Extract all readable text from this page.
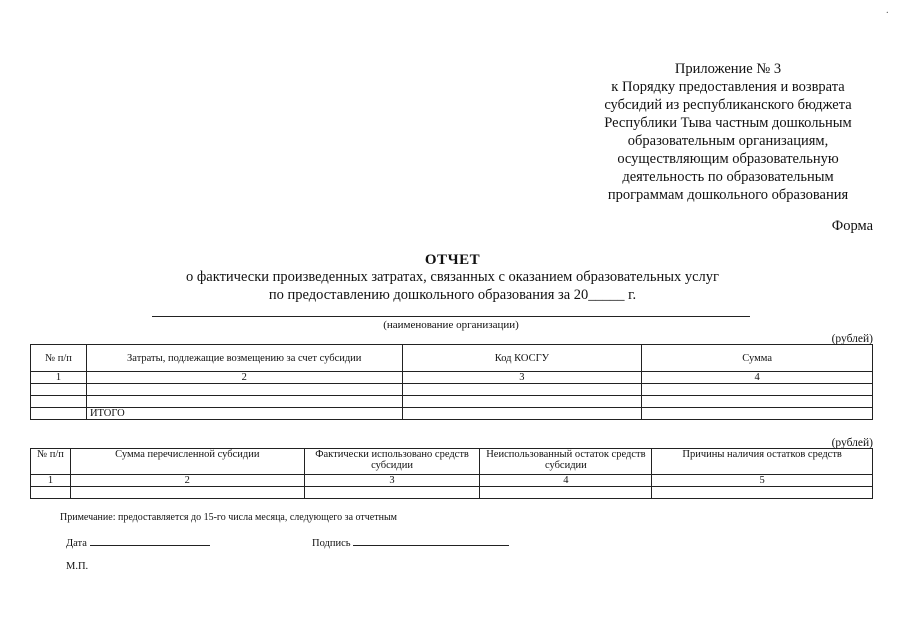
·
Приложение № 3
к Порядку предоставления и возврата
субсидий из республиканского бюджета
Республики Тыва частным дошкольным
образовательным организациям,
осуществляющим образовательную
деятельность по образовательным
программам дошкольного образования
Форма
ОТЧЕТ
о фактически произведенных затратах, связанных с оказанием образовательных услуг
по предоставлению дошкольного образования за 20_____ г.
(наименование организации)
(рублей)
№ п/п	Затраты, подлежащие возмещению за счет субсидии	Код КОСГУ	Сумма
1	2	3	4

	ИТОГО		
(рублей)
№ п/п	Сумма перечисленной субсидии	Фактически использовано средств субсидии	Неиспользованный остаток средств субсидии	Причины наличия остатков средств
1	2	3	4	5

Примечание: предоставляется до 15-го числа месяца, следующего за отчетным
Дата	Подпись
М.П.
